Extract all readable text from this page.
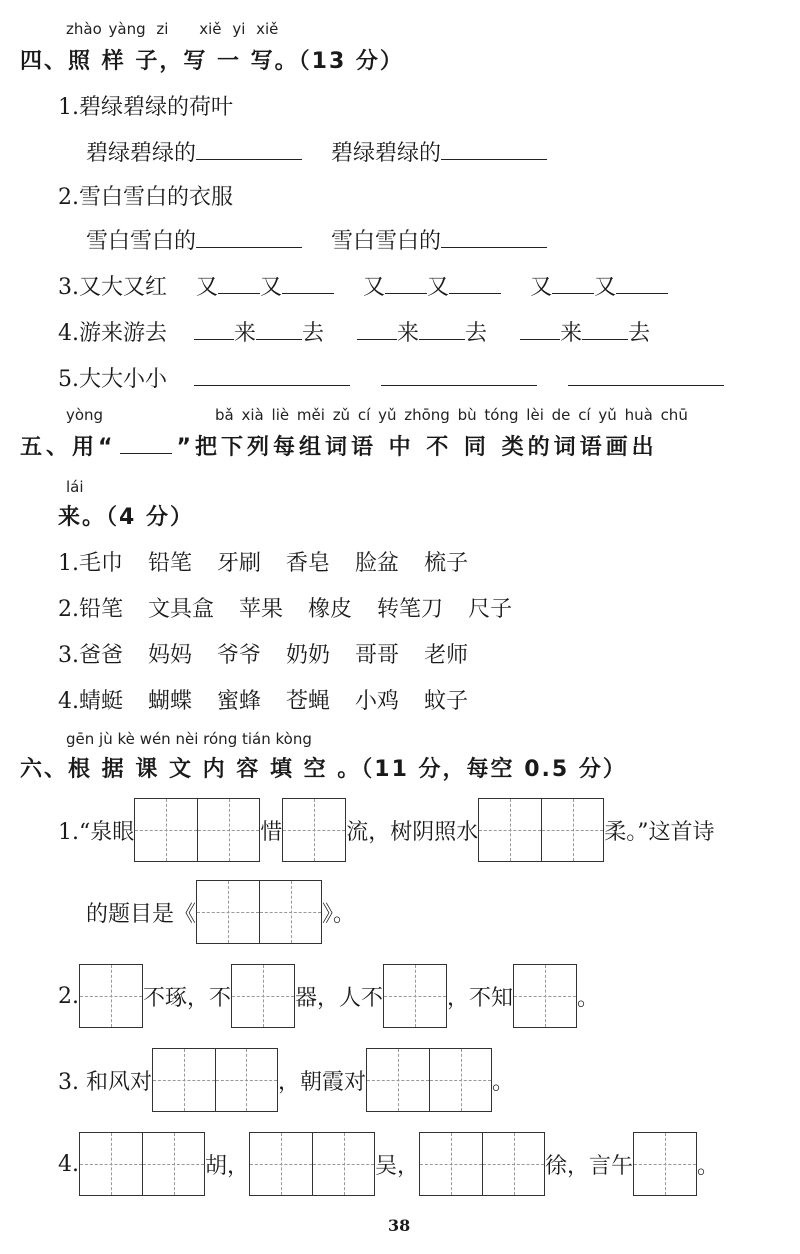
zhào yàng zi xiě yi xiě
四、照 样 子，写 一 写。（13 分）
1.碧绿碧绿的荷叶
碧绿碧绿的	碧绿碧绿的
2.雪白雪白的衣服
雪白雪白的	雪白雪白的
3.又大又红 又 又	又 又	又 又
4.游来游去	来 去	来 去	来 去
5.大大小小
yòng	bǎ xià liè měi zǔ cí yǔ zhōng bù tóng lèi de cí yǔ huà chū
五、用“	”把下列每组词语 中 不 同 类的词语画出
lái
来。（4 分）
1.毛巾 铅笔 牙刷 香皂 脸盆 梳子
2.铅笔 文具盒 苹果 橡皮 转笔刀 尺子
3.爸爸 妈妈 爷爷 奶奶 哥哥 老师
4.蜻蜓 蝴蝶 蜜蜂 苍蝇 小鸡 蚊子
gēn jù kè wén nèi róng tián kòng
六、根 据 课 文 内 容 填 空 。（11 分，每空 0.5 分）
1.“泉眼	惜	流，树阴照水	柔。”这首诗
的题目是《	》。
2.	不琢，不	器，人不	，不知	。
3. 和风对	，朝霞对	。
4.	胡，	吴，	徐，言午	。
38
